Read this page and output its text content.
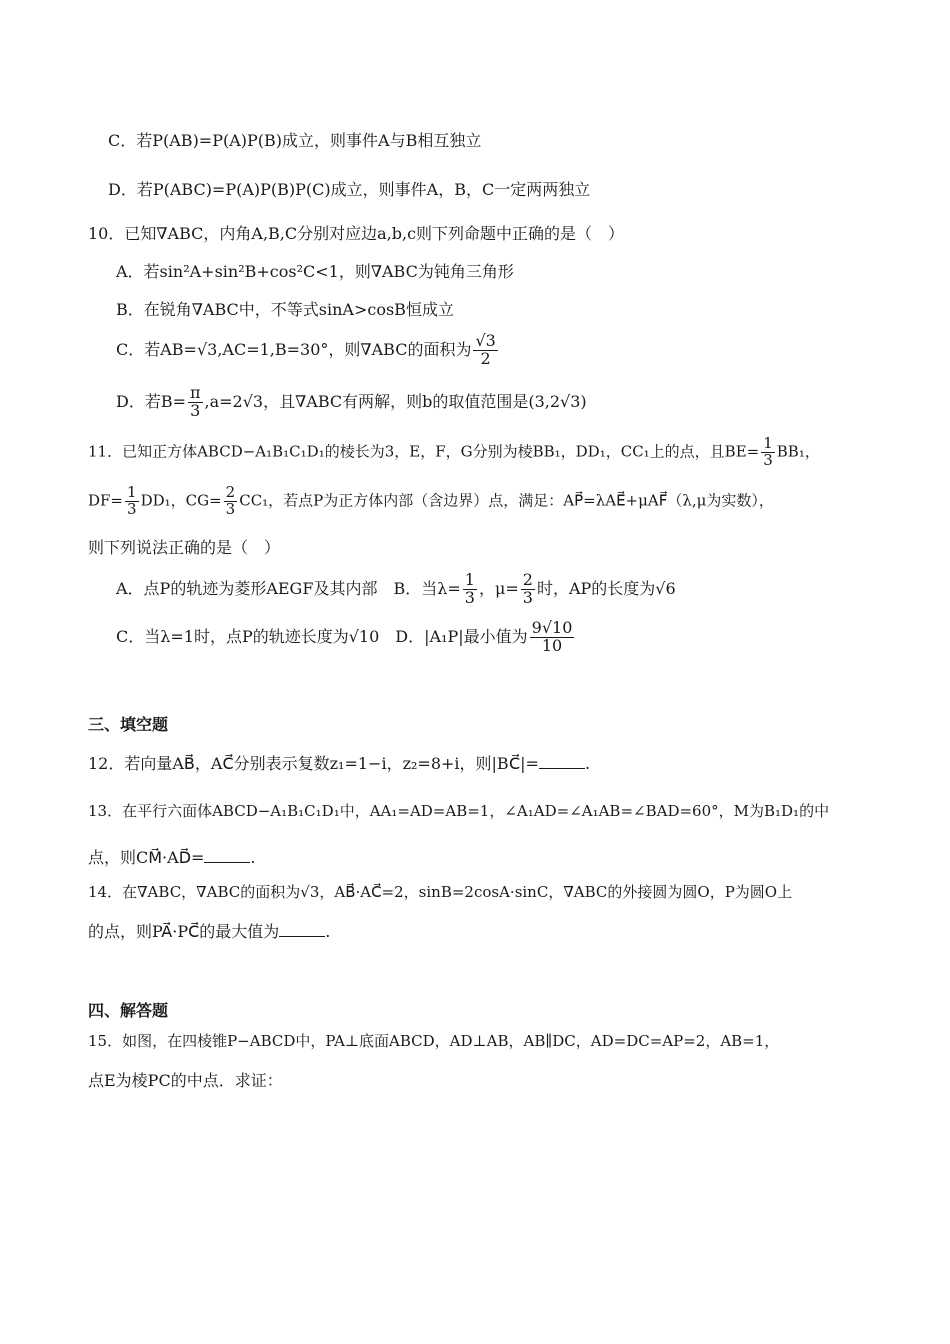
C．若P(AB)=P(A)P(B)成立，则事件A与B相互独立
D．若P(ABC)=P(A)P(B)P(C)成立，则事件A，B，C一定两两独立
10．已知∇ABC，内角A,B,C分别对应边a,b,c则下列命题中正确的是（　）
A．若sin²A+sin²B+cos²C<1，则∇ABC为钝角三角形
B．在锐角∇ABC中，不等式sinA>cosB恒成立
C．若AB=√3,AC=1,B=30°，则∇ABC的面积为 $\frac{√3}{2}$
D．若$B= \frac{\pi}{3} ,a=2√3$，且∇ABC有两解，则b的取值范围是(3,2√3)
11．已知正方体ABCD−A₁B₁C₁D₁的棱长为3，E，F，G分别为棱BB₁，DD₁，CC₁上的点，且$BE= \frac{1}{3} BB_1$，
$DF= \frac{1}{3} DD_1$，$CG= \frac{2}{3} CC_1$，若点P为正方体内部（含边界）点，满足：AP⃗=λAE⃗+μAF⃗（λ,μ为实数），
则下列说法正确的是（　）
A．点P的轨迹为菱形AEGF及其内部 B．当$\lambda= \frac{1}{3}$ ，$\mu= \frac{2}{3}$ 时，AP的长度为√6
C．当λ=1时，点P的轨迹长度为√10 D．|A₁P|最小值为 $\frac{9√10}{10}$
三、填空题
12．若向量AB⃗，AC⃗分别表示复数z₁=1−i，z₂=8+i，则|BC⃗|=	.
13．在平行六面体ABCD−A₁B₁C₁D₁中，AA₁=AD=AB=1，∠A₁AD=∠A₁AB=∠BAD=60°，M为B₁D₁的中
点，则CM⃗·AD⃗=	.
14．在∇ABC，∇ABC的面积为√3，AB⃗·AC⃗=2，sinB=2cosA·sinC，∇ABC的外接圆为圆O，P为圆O上
的点，则PA⃗·PC⃗的最大值为	.
四、解答题
15．如图，在四棱锥P−ABCD中，PA⊥底面ABCD，AD⊥AB，AB∥DC，AD=DC=AP=2，AB=1，
点E为棱PC的中点．求证：
